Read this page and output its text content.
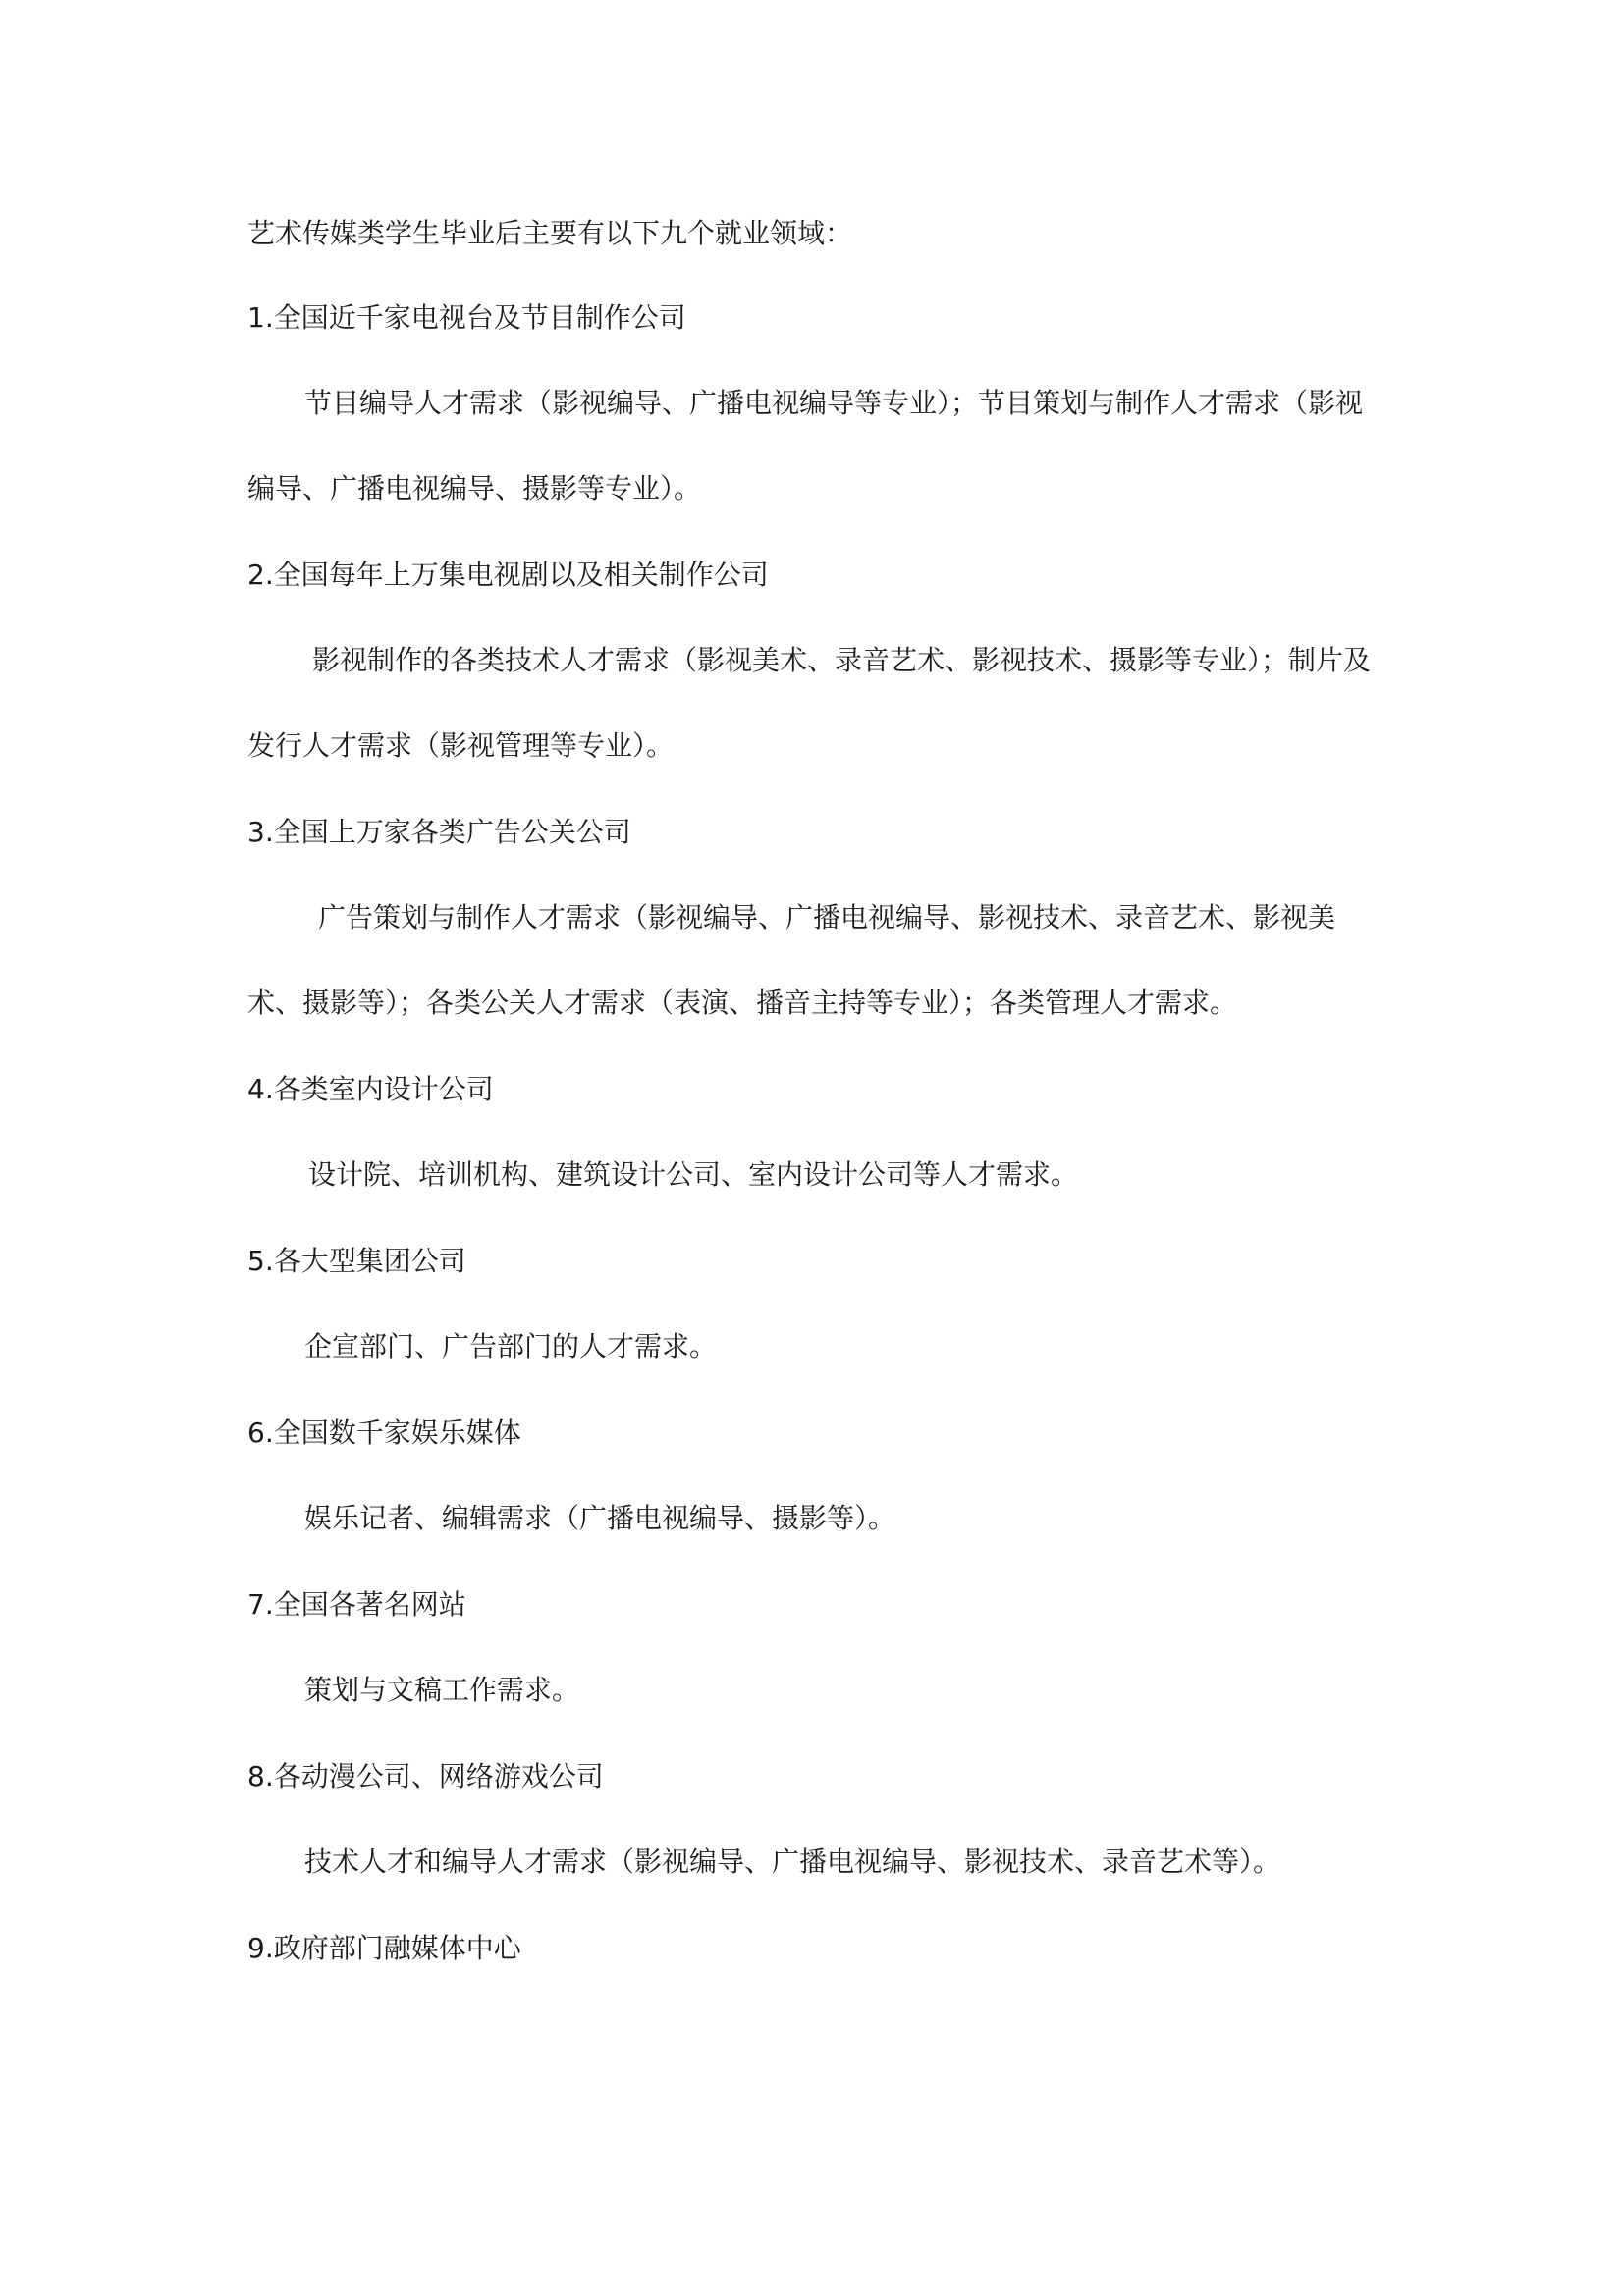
艺术传媒类学生毕业后主要有以下九个就业领域：

1.全国近千家电视台及节目制作公司

节目编导人才需求（影视编导、广播电视编导等专业）；节目策划与制作人才需求（影视编导、广播电视编导、摄影等专业）。

2.全国每年上万集电视剧以及相关制作公司

影视制作的各类技术人才需求（影视美术、录音艺术、影视技术、摄影等专业）；制片及发行人才需求（影视管理等专业）。

3.全国上万家各类广告公关公司

广告策划与制作人才需求（影视编导、广播电视编导、影视技术、录音艺术、影视美术、摄影等）；各类公关人才需求（表演、播音主持等专业）；各类管理人才需求。

4.各类室内设计公司

设计院、培训机构、建筑设计公司、室内设计公司等人才需求。

5.各大型集团公司

企宣部门、广告部门的人才需求。

6.全国数千家娱乐媒体

娱乐记者、编辑需求（广播电视编导、摄影等）。

7.全国各著名网站

策划与文稿工作需求。

8.各动漫公司、网络游戏公司

技术人才和编导人才需求（影视编导、广播电视编导、影视技术、录音艺术等）。

9.政府部门融媒体中心
